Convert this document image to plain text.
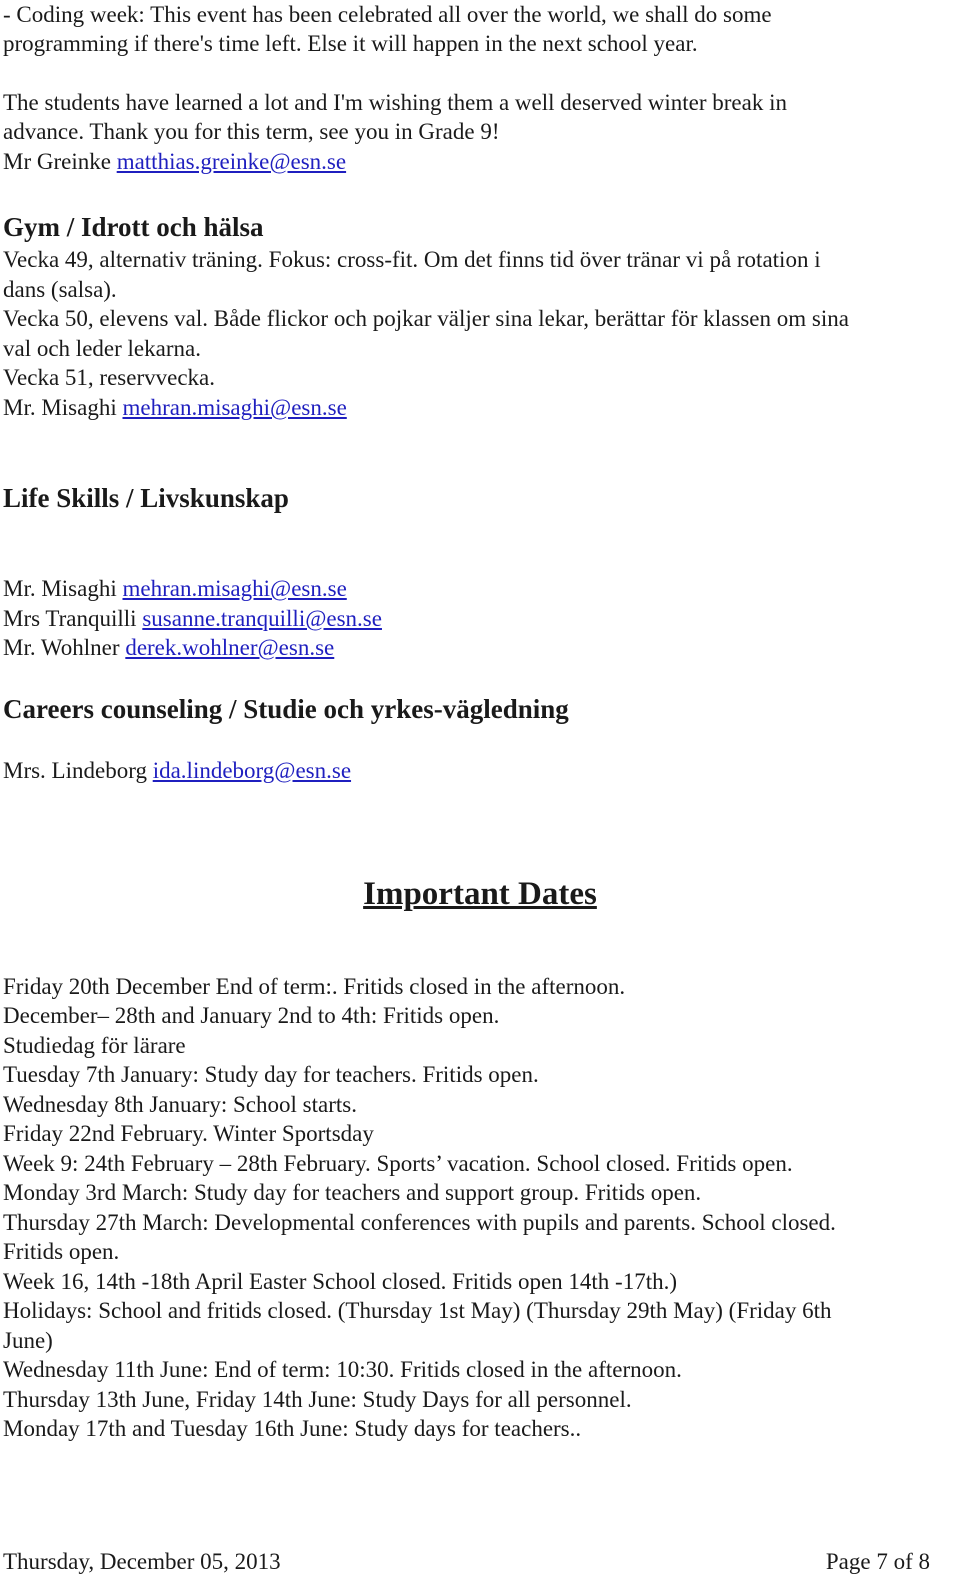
- Coding week: This event has been celebrated all over the world, we shall do some
programming if there's time left. Else it will happen in the next school year.
The students have learned a lot and I'm wishing them a well deserved winter break in
advance. Thank you for this term, see you in Grade 9!
Mr Greinke matthias.greinke@esn.se
Gym / Idrott och hälsa
Vecka 49, alternativ träning. Fokus: cross-fit. Om det finns tid över tränar vi på rotation i
dans (salsa).
Vecka 50, elevens val. Både flickor och pojkar väljer sina lekar, berättar för klassen om sina
val och leder lekarna.
Vecka 51, reservvecka.
Mr. Misaghi mehran.misaghi@esn.se
Life Skills / Livskunskap
Mr. Misaghi mehran.misaghi@esn.se
Mrs Tranquilli susanne.tranquilli@esn.se
Mr. Wohlner derek.wohlner@esn.se
Careers counseling / Studie och yrkes-vägledning
Mrs. Lindeborg ida.lindeborg@esn.se
Important Dates
Friday 20th December End of term:. Fritids closed in the afternoon.
December– 28th and January 2nd to 4th: Fritids open.
Studiedag för lärare
Tuesday 7th January: Study day for teachers. Fritids open.
Wednesday 8th January: School starts.
Friday 22nd February. Winter Sportsday
Week 9: 24th February – 28th February. Sports’ vacation. School closed. Fritids open.
Monday 3rd March: Study day for teachers and support group. Fritids open.
Thursday 27th March: Developmental conferences with pupils and parents. School closed.
Fritids open.
Week 16, 14th -18th April Easter School closed. Fritids open 14th -17th.)
Holidays: School and fritids closed. (Thursday 1st May) (Thursday 29th May) (Friday 6th
June)
Wednesday 11th June: End of term: 10:30. Fritids closed in the afternoon.
Thursday 13th June, Friday 14th June: Study Days for all personnel.
Monday 17th and Tuesday 16th June: Study days for teachers..
Thursday, December 05, 2013	Page 7 of 8
